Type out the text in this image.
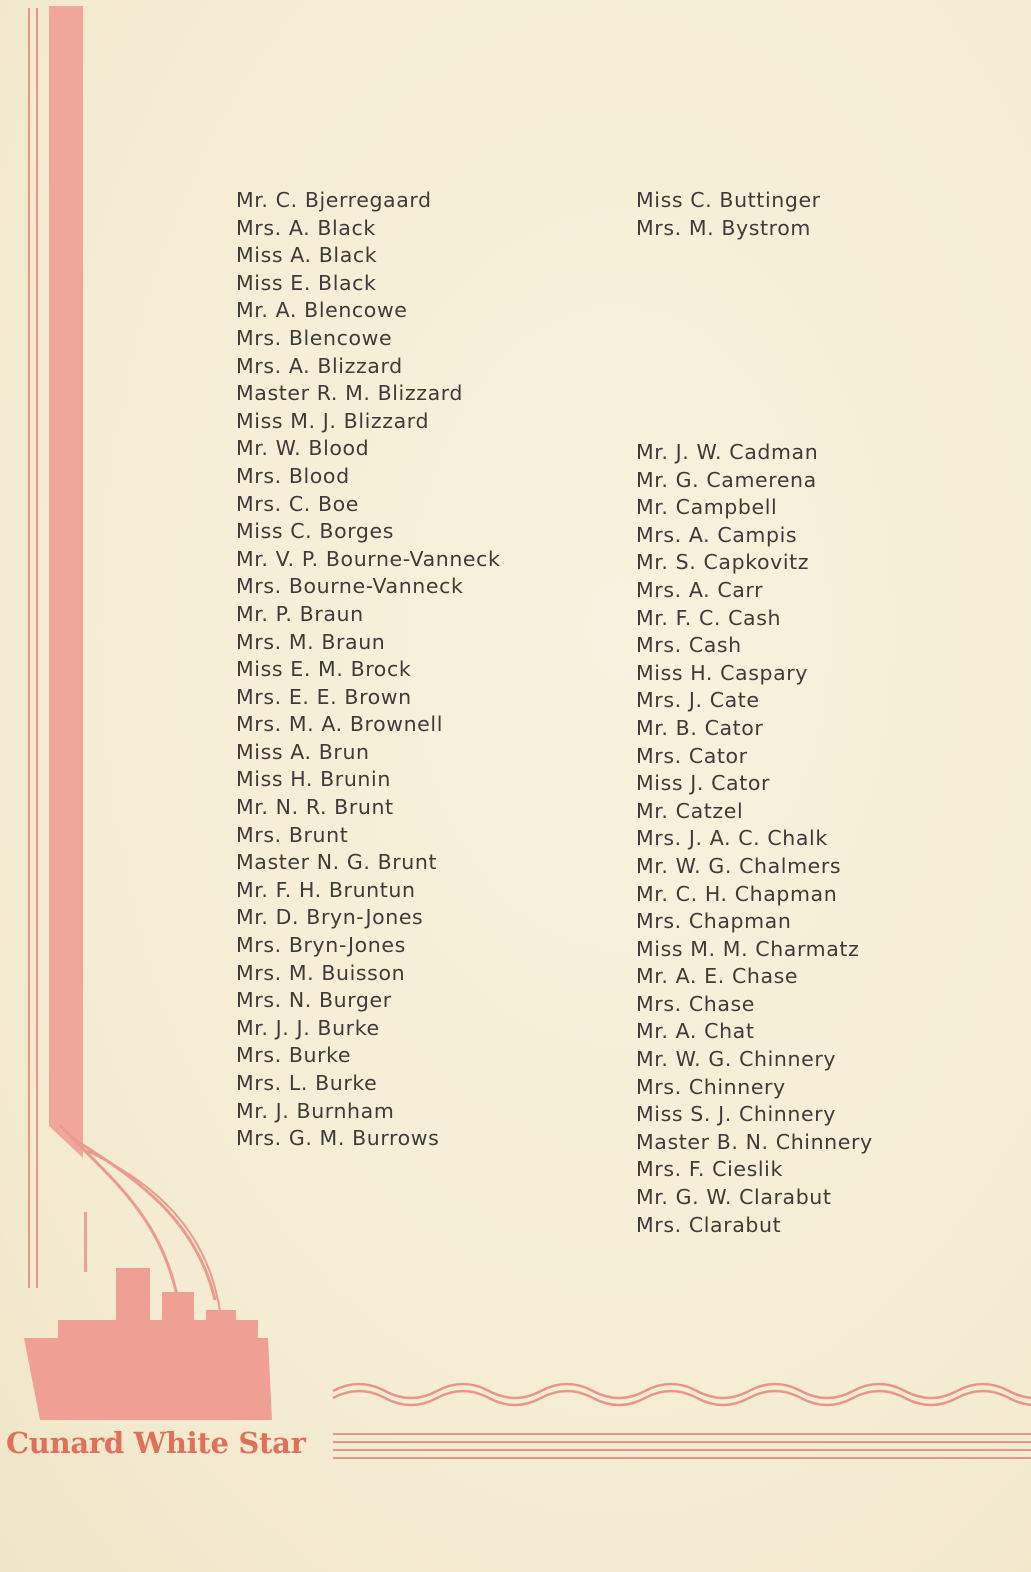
Cunard White Star
Mr. C. Bjerregaard
Mrs. A. Black
Miss A. Black
Miss E. Black
Mr. A. Blencowe
Mrs. Blencowe
Mrs. A. Blizzard
Master R. M. Blizzard
Miss M. J. Blizzard
Mr. W. Blood
Mrs. Blood
Mrs. C. Boe
Miss C. Borges
Mr. V. P. Bourne-Vanneck
Mrs. Bourne-Vanneck
Mr. P. Braun
Mrs. M. Braun
Miss E. M. Brock
Mrs. E. E. Brown
Mrs. M. A. Brownell
Miss A. Brun
Miss H. Brunin
Mr. N. R. Brunt
Mrs. Brunt
Master N. G. Brunt
Mr. F. H. Bruntun
Mr. D. Bryn-Jones
Mrs. Bryn-Jones
Mrs. M. Buisson
Mrs. N. Burger
Mr. J. J. Burke
Mrs. Burke
Mrs. L. Burke
Mr. J. Burnham
Mrs. G. M. Burrows
Miss C. Buttinger
Mrs. M. Bystrom
Mr. J. W. Cadman
Mr. G. Camerena
Mr. Campbell
Mrs. A. Campis
Mr. S. Capkovitz
Mrs. A. Carr
Mr. F. C. Cash
Mrs. Cash
Miss H. Caspary
Mrs. J. Cate
Mr. B. Cator
Mrs. Cator
Miss J. Cator
Mr. Catzel
Mrs. J. A. C. Chalk
Mr. W. G. Chalmers
Mr. C. H. Chapman
Mrs. Chapman
Miss M. M. Charmatz
Mr. A. E. Chase
Mrs. Chase
Mr. A. Chat
Mr. W. G. Chinnery
Mrs. Chinnery
Miss S. J. Chinnery
Master B. N. Chinnery
Mrs. F. Cieslik
Mr. G. W. Clarabut
Mrs. Clarabut
